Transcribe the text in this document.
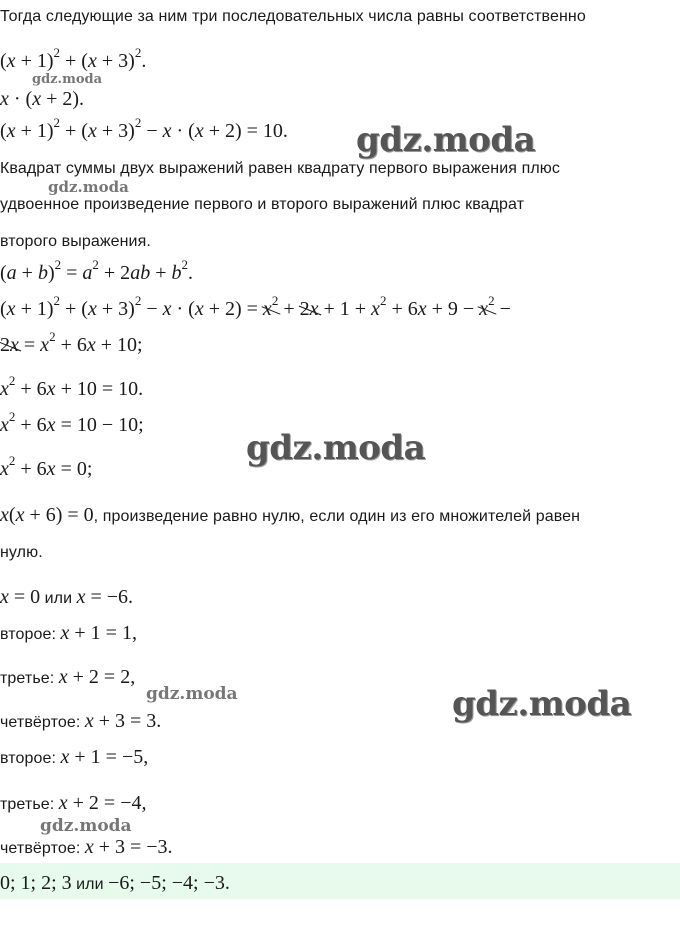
Тогда следующие за ним три последовательных числа равны соответственно
$(x + 1)^2 + (x + 3)^2$.
x · (x + 2).
$(x + 1)^2 + (x + 3)^2 - x \cdot (x + 2) = 10$.
Квадрат суммы двух выражений равен квадрату первого выражения плюс
удвоенное произведение первого и второго выражений плюс квадрат
второго выражения.
$(a + b)^2 = a^2 + 2ab + b^2$.
$(x + 1)^2 + (x + 3)^2 - x \cdot (x + 2) = x^2 + 2x + 1 + x^2 + 6x + 9 - x^2$ −
$2x = x^2 + 6x + 10$;
$x^2 + 6x + 10 = 10$.
$x^2 + 6x = 10 - 10$;
$x^2 + 6x = 0$;
x(x + 6) = 0, произведение равно нулю, если один из его множителей равен
нулю.
x = 0 или x = −6.
второе: x + 1 = 1,
третье: x + 2 = 2,
четвёртое: x + 3 = 3.
второе: x + 1 = −5,
третье: x + 2 = −4,
четвёртое: x + 3 = −3.
0; 1; 2; 3 или −6; −5; −4; −3.
gdz.moda
gdz.moda
gdz.moda
gdz.moda
gdz.moda	gdz.moda
gdz.moda
